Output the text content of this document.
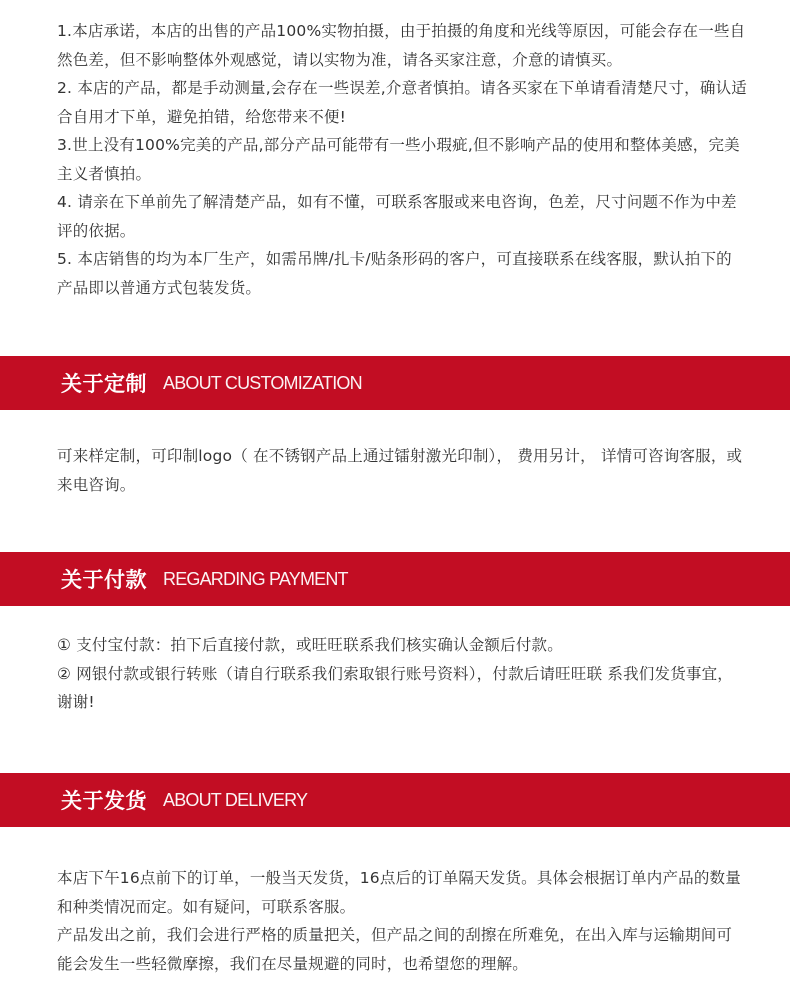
1.本店承诺，本店的出售的产品100%实物拍摄，由于拍摄的角度和光线等原因，可能会存在一些自然色差，但不影响整体外观感觉，请以实物为准，请各买家注意，介意的请慎买。

2. 本店的产品，都是手动测量,会存在一些误差,介意者慎拍。请各买家在下单请看清楚尺寸，确认适合自用才下单，避免拍错，给您带来不便!

3.世上没有100%完美的产品,部分产品可能带有一些小瑕疵,但不影响产品的使用和整体美感，完美主义者慎拍。

4. 请亲在下单前先了解清楚产品，如有不懂，可联系客服或来电咨询，色差，尺寸问题不作为中差评的依据。

5. 本店销售的均为本厂生产，如需吊牌/扎卡/贴条形码的客户，可直接联系在线客服，默认拍下的产品即以普通方式包装发货。

关于定制 ABOUT CUSTOMIZATION

可来样定制，可印制logo（ 在不锈钢产品上通过镭射激光印制）， 费用另计， 详情可咨询客服，或来电咨询。

关于付款 REGARDING PAYMENT

① 支付宝付款：拍下后直接付款，或旺旺联系我们核实确认金额后付款。

② 网银付款或银行转账（请自行联系我们索取银行账号资料），付款后请旺旺联 系我们发货事宜，谢谢!

关于发货 ABOUT DELIVERY

本店下午16点前下的订单，一般当天发货，16点后的订单隔天发货。具体会根据订单内产品的数量和种类情况而定。如有疑问，可联系客服。

产品发出之前，我们会进行严格的质量把关，但产品之间的刮擦在所难免，在出入库与运输期间可能会发生一些轻微摩擦，我们在尽量规避的同时，也希望您的理解。
